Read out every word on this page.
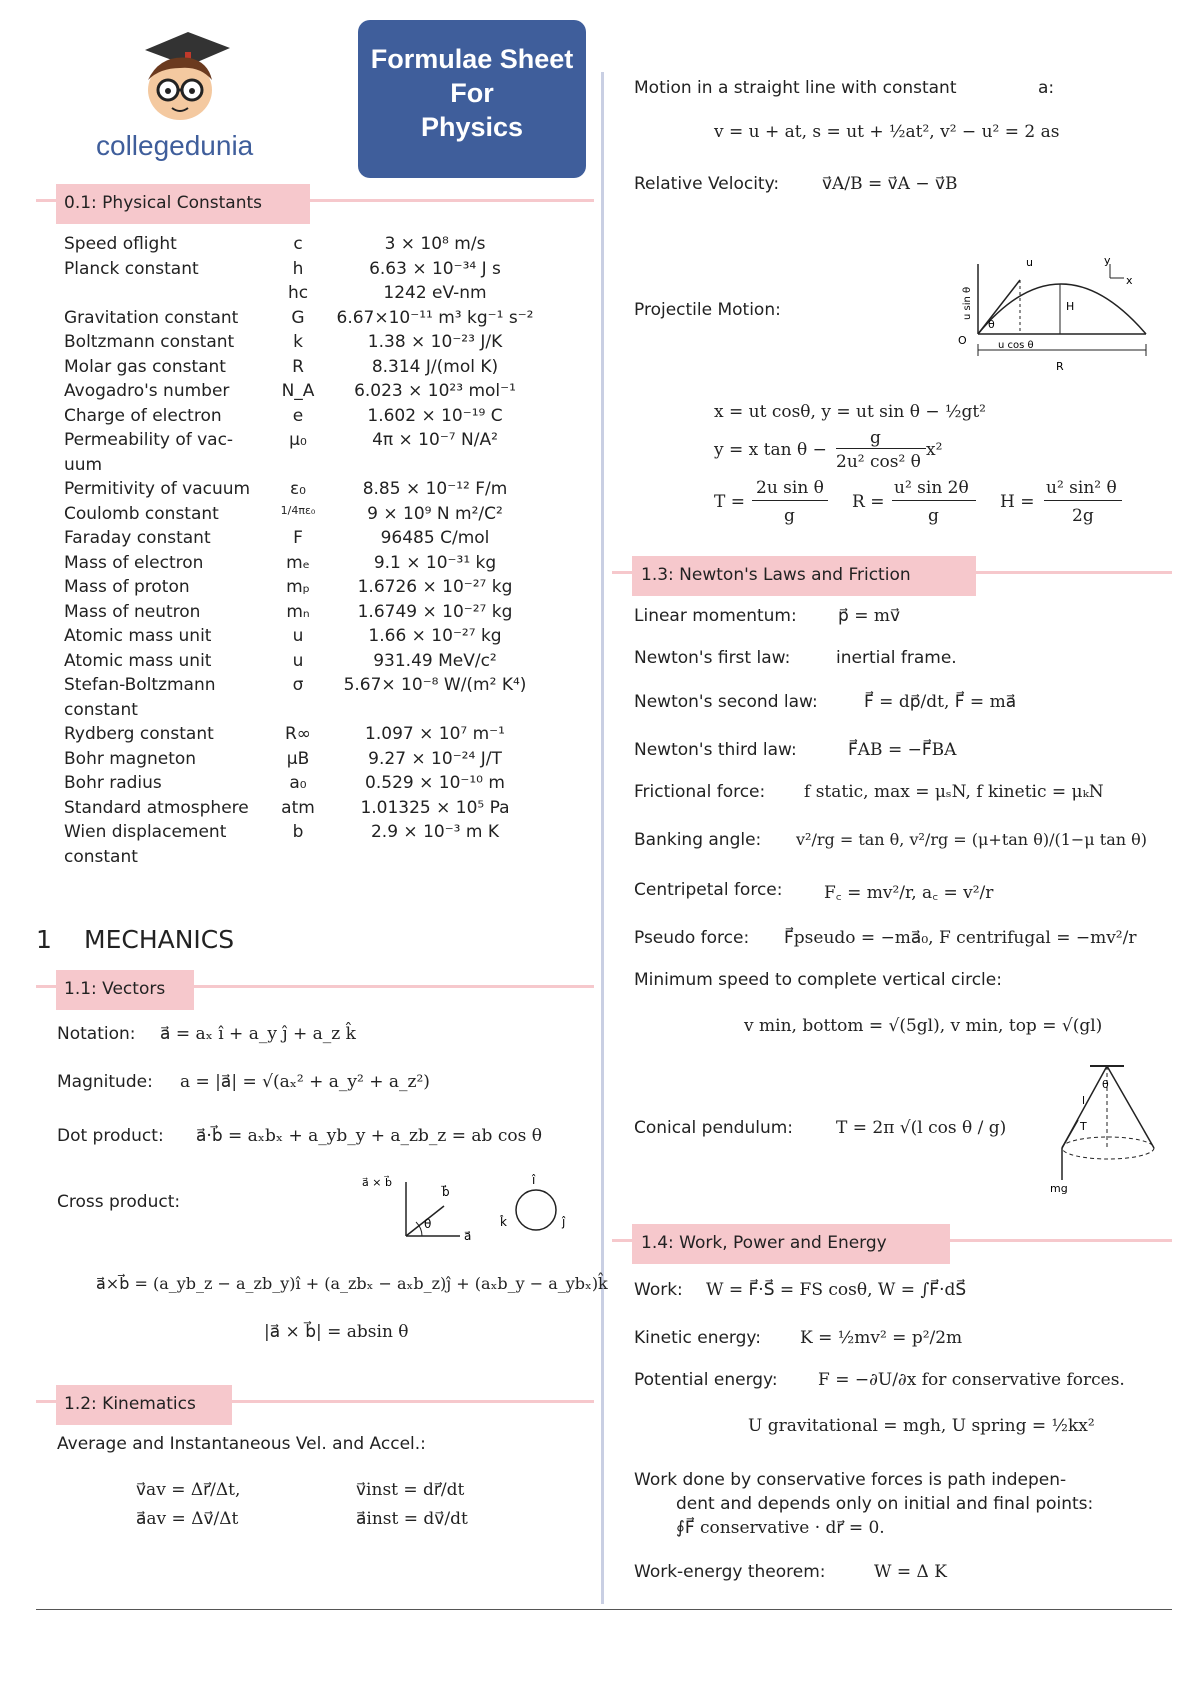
collegedunia
Formulae Sheet
For
Physics
0.1: Physical Constants
Speed oflight	c	3 × 10⁸ m/s
Planck constant	h	6.63 × 10⁻³⁴ J s
hc	1242 eV-nm
Gravitation constant	G	6.67×10⁻¹¹ m³ kg⁻¹ s⁻²
Boltzmann constant	k	1.38 × 10⁻²³ J/K
Molar gas constant	R	8.314 J/(mol K)
Avogadro's number	N_A	6.023 × 10²³ mol⁻¹
Charge of electron	e	1.602 × 10⁻¹⁹ C
Permeability of vac-	μ₀	4π × 10⁻⁷ N/A²
uum
Permitivity of vacuum	ε₀	8.85 × 10⁻¹² F/m
Coulomb constant	1/4πε₀	9 × 10⁹ N m²/C²
Faraday constant	F	96485 C/mol
Mass of electron	mₑ	9.1 × 10⁻³¹ kg
Mass of proton	mₚ	1.6726 × 10⁻²⁷ kg
Mass of neutron	mₙ	1.6749 × 10⁻²⁷ kg
Atomic mass unit	u	1.66 × 10⁻²⁷ kg
Atomic mass unit	u	931.49 MeV/c²
Stefan-Boltzmann	σ	5.67× 10⁻⁸ W/(m² K⁴)
constant
Rydberg constant	R∞	1.097 × 10⁷ m⁻¹
Bohr magneton	μB	9.27 × 10⁻²⁴ J/T
Bohr radius	a₀	0.529 × 10⁻¹⁰ m
Standard atmosphere atm	1.01325 × 10⁵ Pa
Wien displacement	b	2.9 × 10⁻³ m K
constant
1 MECHANICS
1.1: Vectors
Notation: a⃗ = aₓ î + a_y ĵ + a_z k̂
Magnitude: a = |a⃗| = √(aₓ² + a_y² + a_z²)
Dot product: a⃗·b⃗ = aₓbₓ + a_yb_y + a_zb_z = ab cos θ
Cross product:
a⃗ × b⃗
b⃗
θ
a⃗
î
ĵ
k̂
a⃗×b⃗ = (a_yb_z − a_zb_y)î + (a_zbₓ − aₓb_z)ĵ + (aₓb_y − a_ybₓ)k̂
|a⃗ × b⃗| = absin θ
1.2: Kinematics
Average and Instantaneous Vel. and Accel.:
v⃗av = Δr⃗/Δt,	v⃗inst = dr⃗/dt
a⃗av = Δv⃗/Δt	a⃗inst = dv⃗/dt
Motion in a straight line with constant	a:
v = u + at, s = ut + ½at², v² − u² = 2 as
Relative Velocity:	v⃗A/B = v⃗A − v⃗B
Projectile Motion:
u	y
x
u sin θ
θ
H
O	u cos θ
R
x = ut cosθ, y = ut sin θ − ½gt²
y = x tan θ −
g
2u² cos² θ
x²
T =
2u sin θ
g
R =
u² sin 2θ
g
H =
u² sin² θ
2g
1.3: Newton's Laws and Friction
Linear momentum: p⃗ = mv⃗
Newton's first law:	inertial frame.
Newton's second law:	F⃗ = dp⃗/dt, F⃗ = ma⃗
Newton's third law:	F⃗AB = −F⃗BA
Frictional force: f static, max = μₛN, f kinetic = μₖN
Banking angle: v²/rg = tan θ, v²/rg = (μ+tan θ)/(1−μ tan θ)
Centripetal force: F꜀ = mv²/r, a꜀ = v²/r
Pseudo force: F⃗pseudo = −ma⃗₀, F centrifugal = −mv²/r
Minimum speed to complete vertical circle:
v min, bottom = √(5gl), v min, top = √(gl)
Conical pendulum:	T = 2π √(l cos θ / g)
l
θ
T
mg
1.4: Work, Power and Energy
Work: W = F⃗·S⃗ = FS cosθ, W = ∫F⃗·dS⃗
Kinetic energy: K = ½mv² = p²/2m
Potential energy: F = −∂U/∂x for conservative forces.
U gravitational = mgh, U spring = ½kx²
Work done by conservative forces is path indepen-
dent and depends only on initial and final points:
∮F⃗ conservative · dr⃗ = 0.
Work-energy theorem:	W = Δ K
